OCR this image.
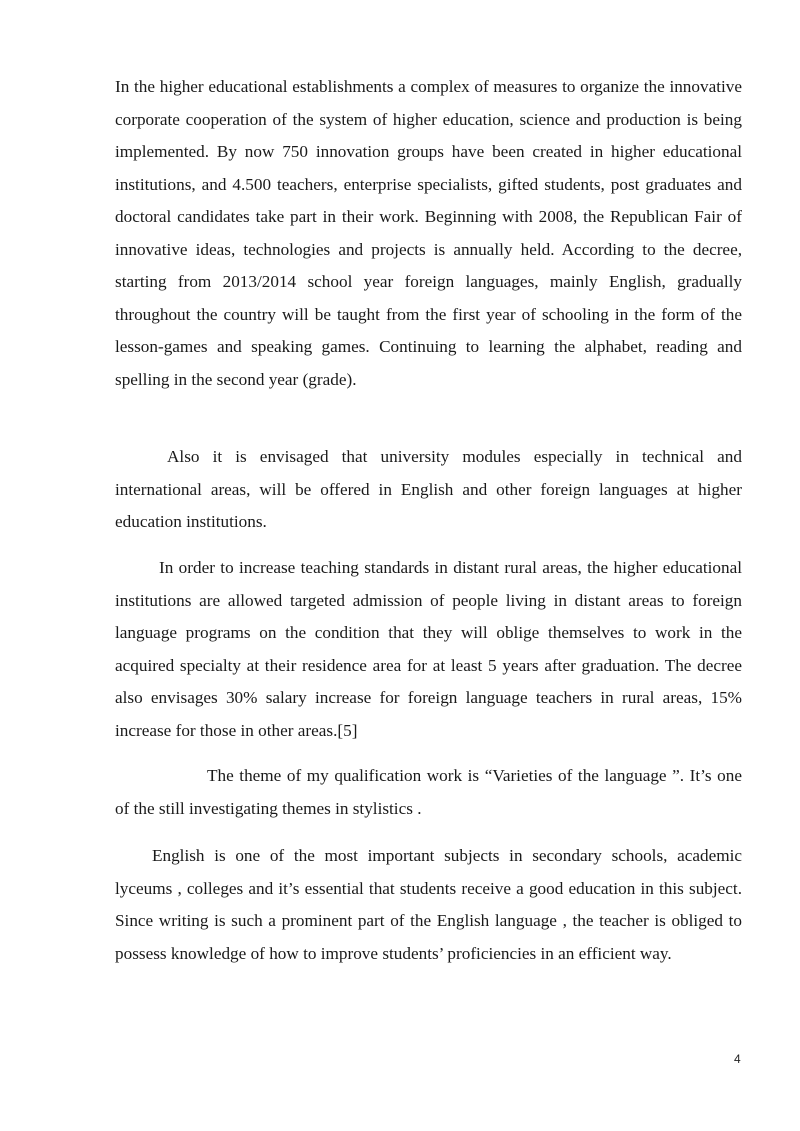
In the higher educational establishments a complex of measures to organize the innovative corporate cooperation of the system of higher education, science and production is being implemented. By now 750 innovation groups have been created in higher educational institutions, and 4.500 teachers, enterprise specialists, gifted students, post graduates and doctoral candidates take part in their work. Beginning with 2008, the Republican Fair of innovative ideas, technologies and projects is annually held. According to the decree, starting from 2013/2014 school year foreign languages, mainly English, gradually throughout the country will be taught from the first year of schooling in the form of the lesson-games and speaking games. Continuing to learning the alphabet, reading and spelling in the second year (grade).

Also it is envisaged that university modules especially in technical and international areas, will be offered in English and other foreign languages at higher education institutions.

In order to increase teaching standards in distant rural areas, the higher educational institutions are allowed targeted admission of people living in distant areas to foreign language programs on the condition that they will oblige themselves to work in the acquired specialty at their residence area for at least 5 years after graduation. The decree also envisages 30% salary increase for foreign language teachers in rural areas, 15% increase for those in other areas.[5]

The theme of my qualification work is “Varieties of the language ”. It’s one of the still investigating themes in stylistics .

English is one of the most important subjects in secondary schools, academic lyceums , colleges and it’s essential that students receive a good education in this subject. Since writing is such a prominent part of the English language , the teacher is obliged to possess knowledge of how to improve students’ proficiencies in an efficient way.

4
